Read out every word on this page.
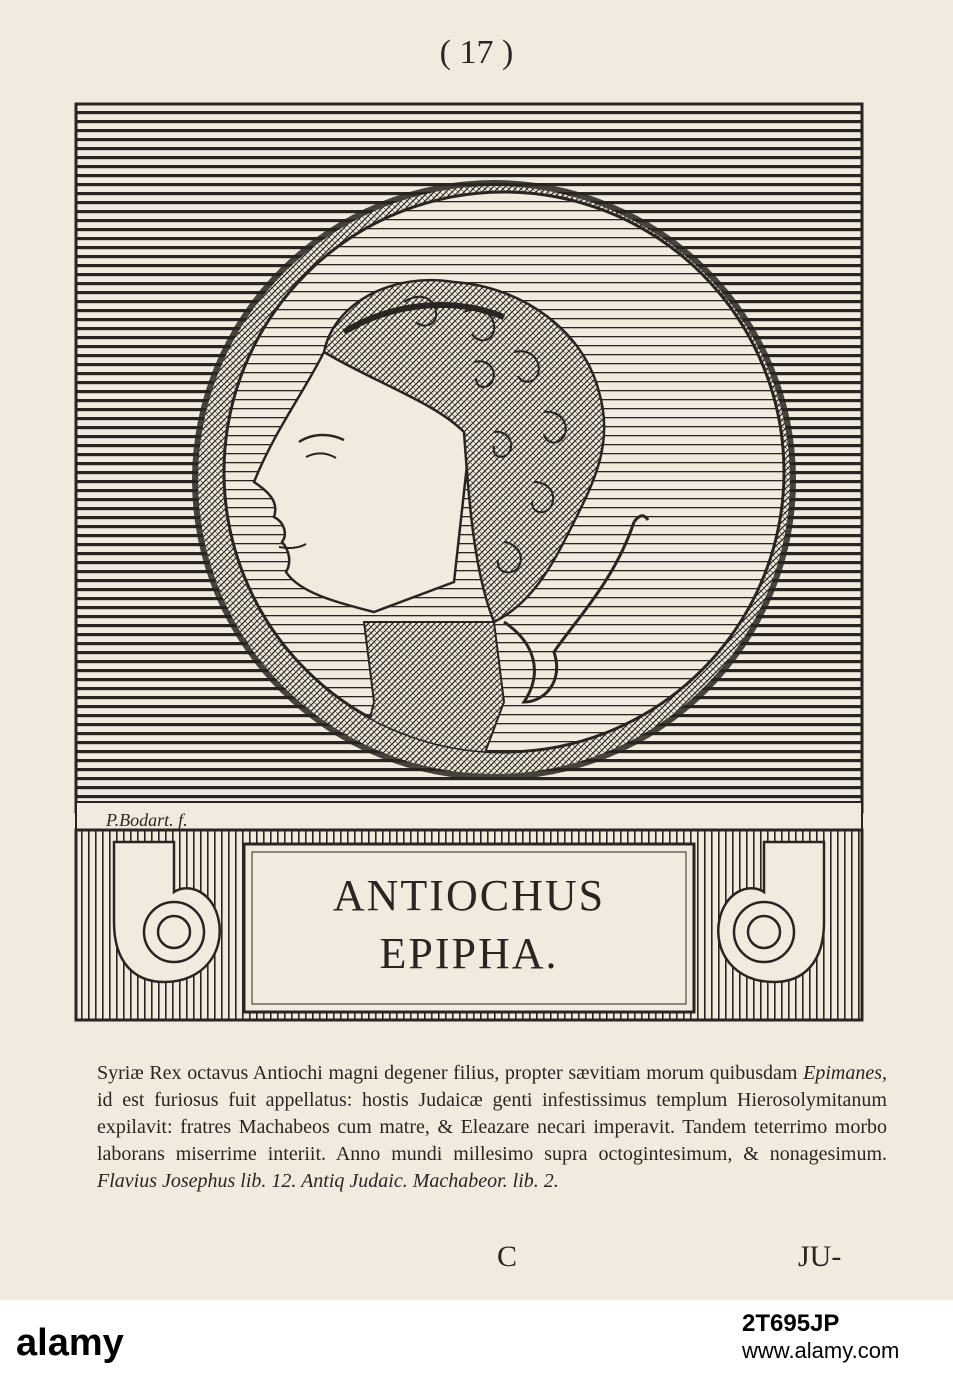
( 17 )
P.Bodart. f.
ANTIOCHUS
EPIPHA.

Syriæ Rex octavus Antiochi magni degener filius, propter sævitiam morum quibusdam Epimanes, id est furiosus fuit appellatus: hostis Judaicæ genti infestissimus templum Hierosolymitanum expilavit: fratres Machabeos cum matre, & Eleazare necari imperavit. Tandem teterrimo morbo laborans miserrime interiit. Anno mundi millesimo supra octogintesimum, & nonagesimum. Flavius Josephus lib. 12. Antiq Judaic. Machabeor. lib. 2.

C	JU-
alamy	2T695JP
www.alamy.com
